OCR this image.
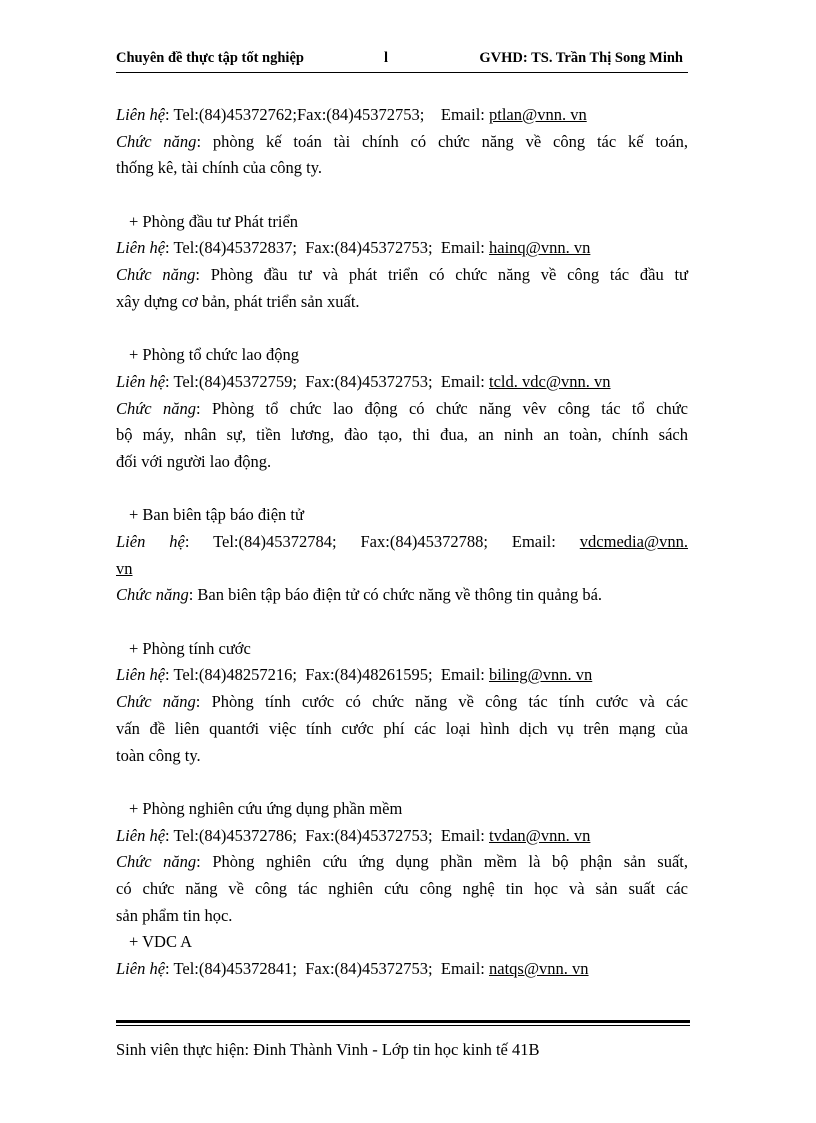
Chuyên đề thực tập tốt nghiệp	l	GVHD: TS. Trần Thị Song Minh
Liên hệ: Tel:(84)45372762;Fax:(84)45372753; Email: ptlan@vnn. vn
Chức năng: phòng kế toán tài chính có chức năng về công tác kế toán,
thống kê, tài chính của công ty.
+ Phòng đầu tư Phát triển
Liên hệ: Tel:(84)45372837; Fax:(84)45372753; Email: hainq@vnn. vn
Chức năng: Phòng đầu tư và phát triển có chức năng về công tác đầu tư
xây dựng cơ bản, phát triển sản xuất.
+ Phòng tổ chức lao động
Liên hệ: Tel:(84)45372759; Fax:(84)45372753; Email: tcld. vdc@vnn. vn
Chức năng: Phòng tổ chức lao động có chức năng vêv công tác tổ chức
bộ máy, nhân sự, tiền lương, đào tạo, thi đua, an ninh an toàn, chính sách
đối với người lao động.
+ Ban biên tập báo điện tử
Liên hệ: Tel:(84)45372784; Fax:(84)45372788; Email: vdcmedia@vnn.
vn
Chức năng: Ban biên tập báo điện tử có chức năng về thông tin quảng bá.
+ Phòng tính cước
Liên hệ: Tel:(84)48257216; Fax:(84)48261595; Email: biling@vnn. vn
Chức năng: Phòng tính cước có chức năng về công tác tính cước và các
vấn đề liên quantới việc tính cước phí các loại hình dịch vụ trên mạng của
toàn công ty.
+ Phòng nghiên cứu ứng dụng phần mềm
Liên hệ: Tel:(84)45372786; Fax:(84)45372753; Email: tvdan@vnn. vn
Chức năng: Phòng nghiên cứu ứng dụng phần mềm là bộ phận sản suất,
có chức năng về công tác nghiên cứu công nghệ tin học và sản suất các
sản phẩm tin học.
+ VDC A
Liên hệ: Tel:(84)45372841; Fax:(84)45372753; Email: natqs@vnn. vn
Sinh viên thực hiện: Đinh Thành Vinh - Lớp tin học kinh tế 41B
